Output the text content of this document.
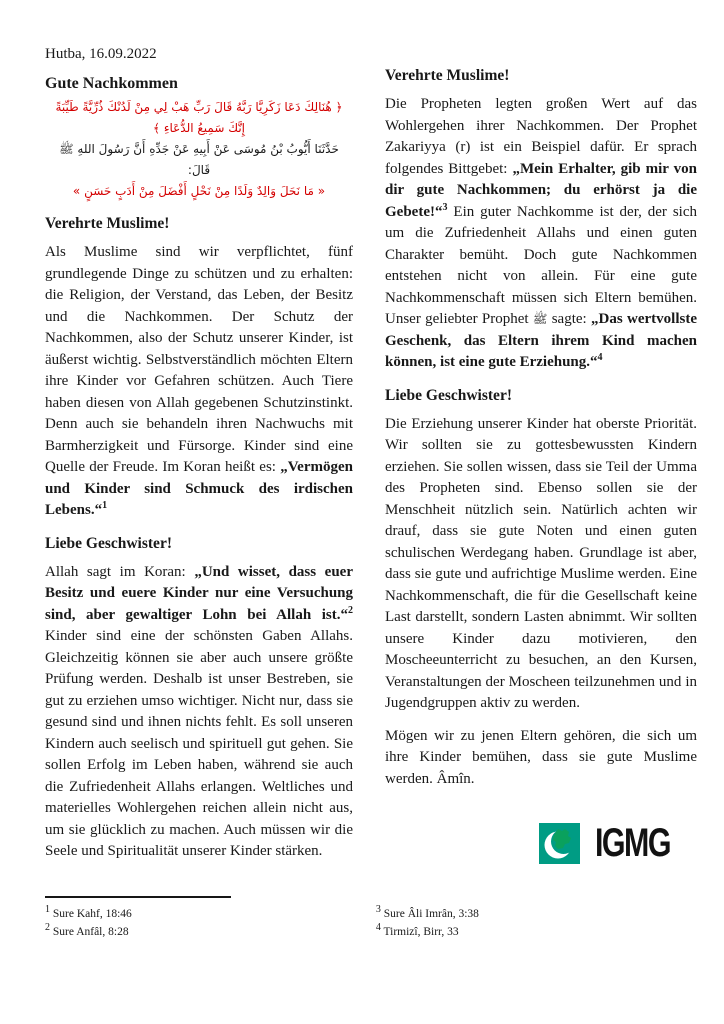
Hutba, 16.09.2022
Gute Nachkommen
﴿ هُنَالِكَ دَعَا زَكَرِيَّا رَبَّهُ قَالَ رَبِّ هَبْ لِي مِنْ لَدُنْكَ ذُرِّيَّةً طَيِّبَةً
إِنَّكَ سَمِيعُ الدُّعَاءِ ﴾
حَدَّثَنَا أَيُّوبُ بْنُ مُوسَى عَنْ أَبِيهِ عَنْ جَدِّهِ أَنَّ رَسُولَ اللهِ ﷺ
قَالَ:
« مَا نَحَلَ وَالِدٌ وَلَدًا مِنْ نَحْلٍ أَفْضَلَ مِنْ أَدَبٍ حَسَنٍ »
Verehrte Muslime!

Als Muslime sind wir verpflichtet, fünf grundlegende Dinge zu schützen und zu erhalten: die Religion, der Verstand, das Leben, der Besitz und die Nachkommen. Der Schutz der Nachkommen, also der Schutz unserer Kinder, ist äußerst wichtig. Selbstverständlich möchten Eltern ihre Kinder vor Gefahren schützen. Auch Tiere haben diesen von Allah gegebenen Schutzinstinkt. Denn auch sie behandeln ihren Nachwuchs mit Barmherzigkeit und Fürsorge. Kinder sind eine Quelle der Freude. Im Koran heißt es: „Vermögen und Kinder sind Schmuck des irdischen Lebens.“$^1$

Liebe Geschwister!

Allah sagt im Koran: „Und wisset, dass euer Besitz und euere Kinder nur eine Versuchung sind, aber gewaltiger Lohn bei Allah ist.“$^2$ Kinder sind eine der schönsten Gaben Allahs. Gleichzeitig können sie aber auch unsere größte Prüfung werden. Deshalb ist unser Bestreben, sie gut zu erziehen umso wichtiger. Nicht nur, dass sie gesund sind und ihnen nichts fehlt. Es soll unseren Kindern auch seelisch und spirituell gut gehen. Sie sollen Erfolg im Leben haben, während sie auch die Zufriedenheit Allahs erlangen. Weltliches und materielles Wohlergehen reichen allein nicht aus, um sie glücklich zu machen. Auch müssen wir die Seele und Spiritualität unserer Kinder stärken.

Verehrte Muslime!

Die Propheten legten großen Wert auf das Wohlergehen ihrer Nachkommen. Der Prophet Zakariyya (r) ist ein Beispiel dafür. Er sprach folgendes Bittgebet: „Mein Erhalter, gib mir von dir gute Nachkommen; du erhörst ja die Gebete!“$^3$ Ein guter Nachkomme ist der, der sich um die Zufriedenheit Allahs und einen guten Charakter bemüht. Doch gute Nachkommen entstehen nicht von allein. Für eine gute Nachkommenschaft müssen sich Eltern bemühen. Unser geliebter Prophet ﷺ sagte: „Das wertvollste Geschenk, das Eltern ihrem Kind machen können, ist eine gute Erziehung.“$^4$

Liebe Geschwister!

Die Erziehung unserer Kinder hat oberste Priorität. Wir sollten sie zu gottesbewussten Kindern erziehen. Sie sollen wissen, dass sie Teil der Umma des Propheten sind. Ebenso sollen sie der Menschheit nützlich sein. Natürlich achten wir drauf, dass sie gute Noten und einen guten schulischen Werdegang haben. Grundlage ist aber, dass sie gute und aufrichtige Muslime werden. Eine Nachkommenschaft, die für die Gesellschaft keine Last darstellt, sondern Lasten abnimmt. Wir sollten unsere Kinder dazu motivieren, den Moscheeunterricht zu besuchen, an den Kursen, Veranstaltungen der Moscheen teilzunehmen und in Jugendgruppen aktiv zu werden.

Mögen wir zu jenen Eltern gehören, die sich um ihre Kinder bemühen, dass sie gute Muslime werden. Âmîn.

IGMG
$^1$ Sure Kahf, 18:46
$^2$ Sure Anfâl, 8:28
$^3$ Sure Âli Imrân, 3:38
$^4$ Tirmizî, Birr, 33
